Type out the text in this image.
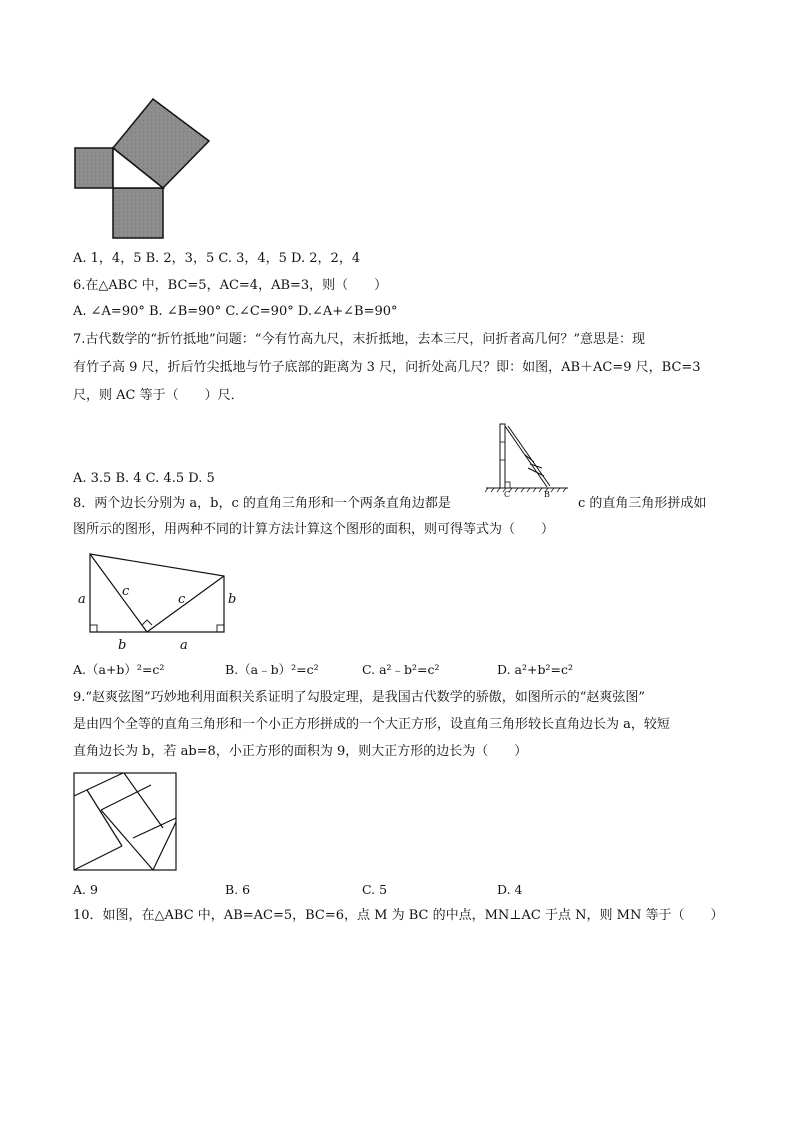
A. 1，4，5 B. 2，3，5 C. 3，4，5 D. 2，2，4
6.在△ABC 中，BC=5，AC=4，AB=3，则（　　）
A. ∠A=90° B. ∠B=90° C.∠C=90° D.∠A+∠B=90°
7.古代数学的“折竹抵地”问题：“今有竹高九尺，末折抵地，去本三尺，问折者高几何？”意思是：现
有竹子高 9 尺，折后竹尖抵地与竹子底部的距离为 3 尺，问折处高几尺？即：如图，AB＋AC=9 尺，BC=3
尺，则 AC 等于（　　）尺．
C	B
A. 3.5 B. 4 C. 4.5 D. 5
8．两个边长分别为 a，b，c 的直角三角形和一个两条直角边都是	c 的直角三角形拼成如
图所示的图形，用两种不同的计算方法计算这个图形的面积，则可得等式为（　　）
a
c
c	b
b	a
A.（a+b）²=c²	B.（a﹣b）²=c²	C. a²﹣b²=c²	D. a²+b²=c²
9.“赵爽弦图”巧妙地利用面积关系证明了勾股定理，是我国古代数学的骄傲，如图所示的“赵爽弦图”
是由四个全等的直角三角形和一个小正方形拼成的一个大正方形，设直角三角形较长直角边长为 a，较短
直角边长为 b，若 ab=8，小正方形的面积为 9，则大正方形的边长为（　　）
A. 9	B. 6	C. 5	D. 4
10．如图，在△ABC 中，AB=AC=5，BC=6，点 M 为 BC 的中点，MN⊥AC 于点 N，则 MN 等于（　　）
